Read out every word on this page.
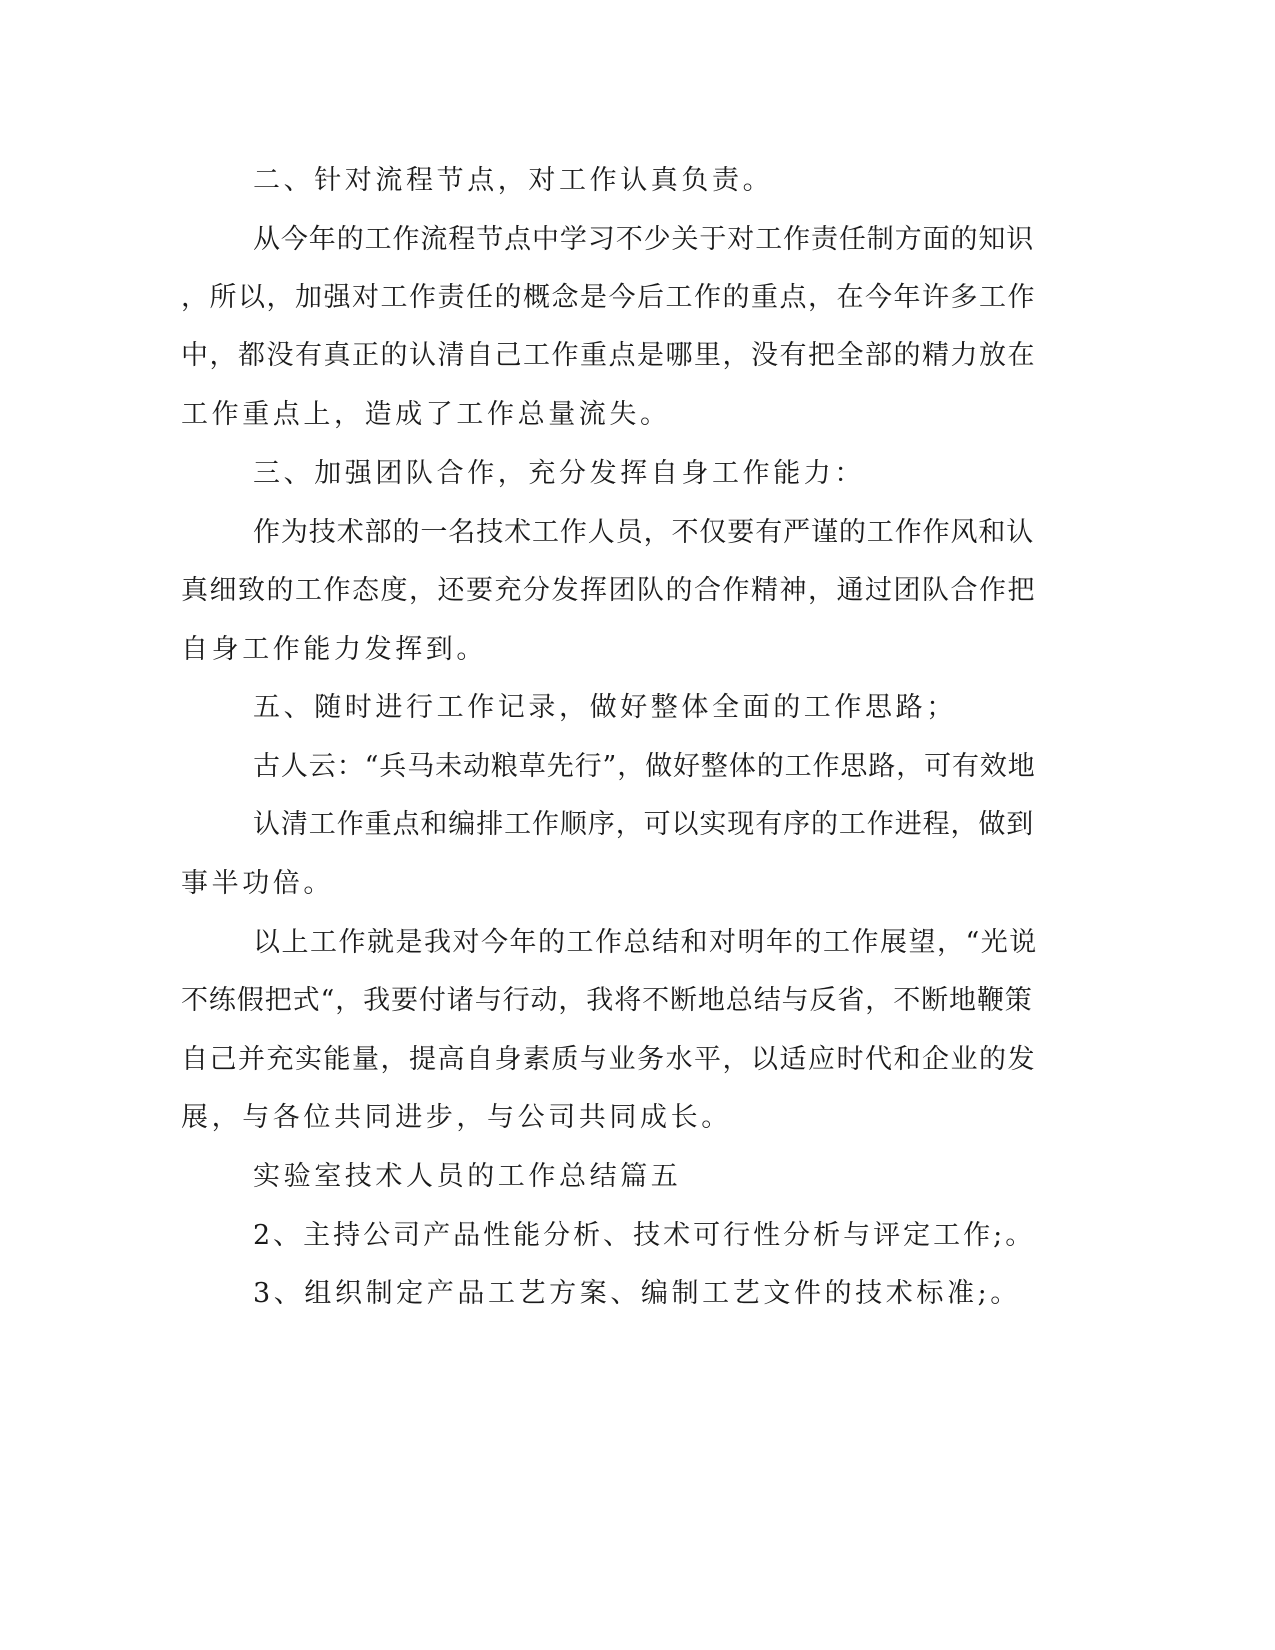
二、针对流程节点，对工作认真负责。
从今年的工作流程节点中学习不少关于对工作责任制方面的知识
，所以，加强对工作责任的概念是今后工作的重点，在今年许多工作
中，都没有真正的认清自己工作重点是哪里，没有把全部的精力放在
工作重点上，造成了工作总量流失。
三、加强团队合作，充分发挥自身工作能力：
作为技术部的一名技术工作人员，不仅要有严谨的工作作风和认
真细致的工作态度，还要充分发挥团队的合作精神，通过团队合作把
自身工作能力发挥到。
五、随时进行工作记录，做好整体全面的工作思路；
古人云：“兵马未动粮草先行”，做好整体的工作思路，可有效地
认清工作重点和编排工作顺序，可以实现有序的工作进程，做到
事半功倍。
以上工作就是我对今年的工作总结和对明年的工作展望，“光说
不练假把式“，我要付诸与行动，我将不断地总结与反省，不断地鞭策
自己并充实能量，提高自身素质与业务水平，以适应时代和企业的发
展，与各位共同进步，与公司共同成长。
实验室技术人员的工作总结篇五
2、主持公司产品性能分析、技术可行性分析与评定工作;。
3、组织制定产品工艺方案、编制工艺文件的技术标准;。
